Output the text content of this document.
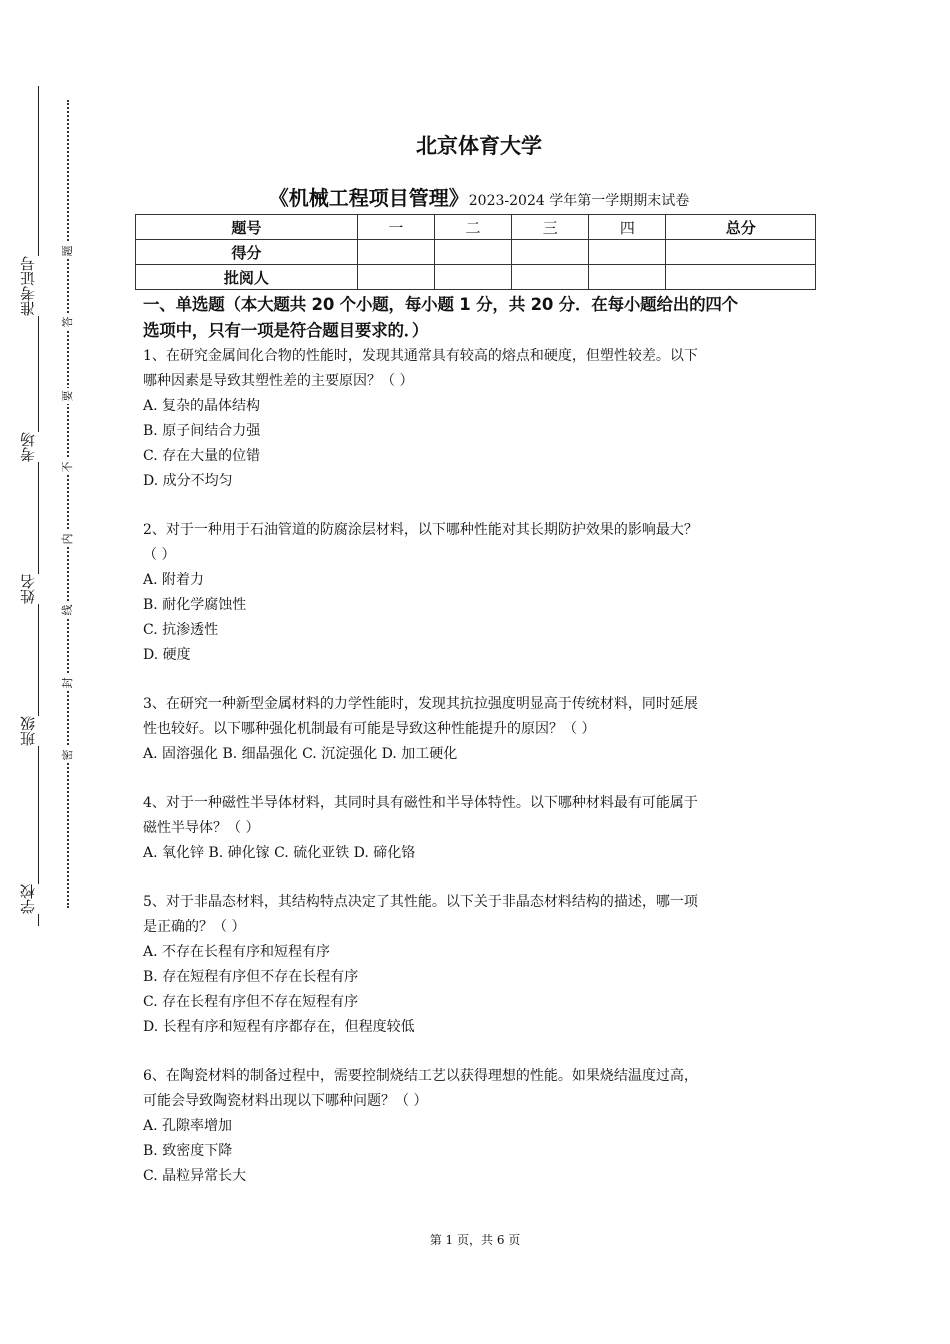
准考证号
考场
姓名
班级
学校
题
答
要
不
内
线
封
密
北京体育大学
《机械工程项目管理》2023-2024 学年第一学期期末试卷
题号	一	二	三	四	总分
得分					
批阅人					
一、单选题（本大题共 20 个小题，每小题 1 分，共 20 分．在每小题给出的四个
选项中，只有一项是符合题目要求的．）

1、在研究金属间化合物的性能时，发现其通常具有较高的熔点和硬度，但塑性较差。以下

哪种因素是导致其塑性差的主要原因？（ ）

A. 复杂的晶体结构

B. 原子间结合力强

C. 存在大量的位错

D. 成分不均匀

2、对于一种用于石油管道的防腐涂层材料，以下哪种性能对其长期防护效果的影响最大？

（ ）

A. 附着力

B. 耐化学腐蚀性

C. 抗渗透性

D. 硬度

3、在研究一种新型金属材料的力学性能时，发现其抗拉强度明显高于传统材料，同时延展

性也较好。以下哪种强化机制最有可能是导致这种性能提升的原因？（ ）

A. 固溶强化 B. 细晶强化 C. 沉淀强化 D. 加工硬化

4、对于一种磁性半导体材料，其同时具有磁性和半导体特性。以下哪种材料最有可能属于

磁性半导体？（ ）

A. 氧化锌 B. 砷化镓 C. 硫化亚铁 D. 碲化铬

5、对于非晶态材料，其结构特点决定了其性能。以下关于非晶态材料结构的描述，哪一项

是正确的？（ ）

A. 不存在长程有序和短程有序

B. 存在短程有序但不存在长程有序

C. 存在长程有序但不存在短程有序

D. 长程有序和短程有序都存在，但程度较低

6、在陶瓷材料的制备过程中，需要控制烧结工艺以获得理想的性能。如果烧结温度过高，

可能会导致陶瓷材料出现以下哪种问题？（ ）

A. 孔隙率增加

B. 致密度下降

C. 晶粒异常长大

第 1 页，共 6 页
